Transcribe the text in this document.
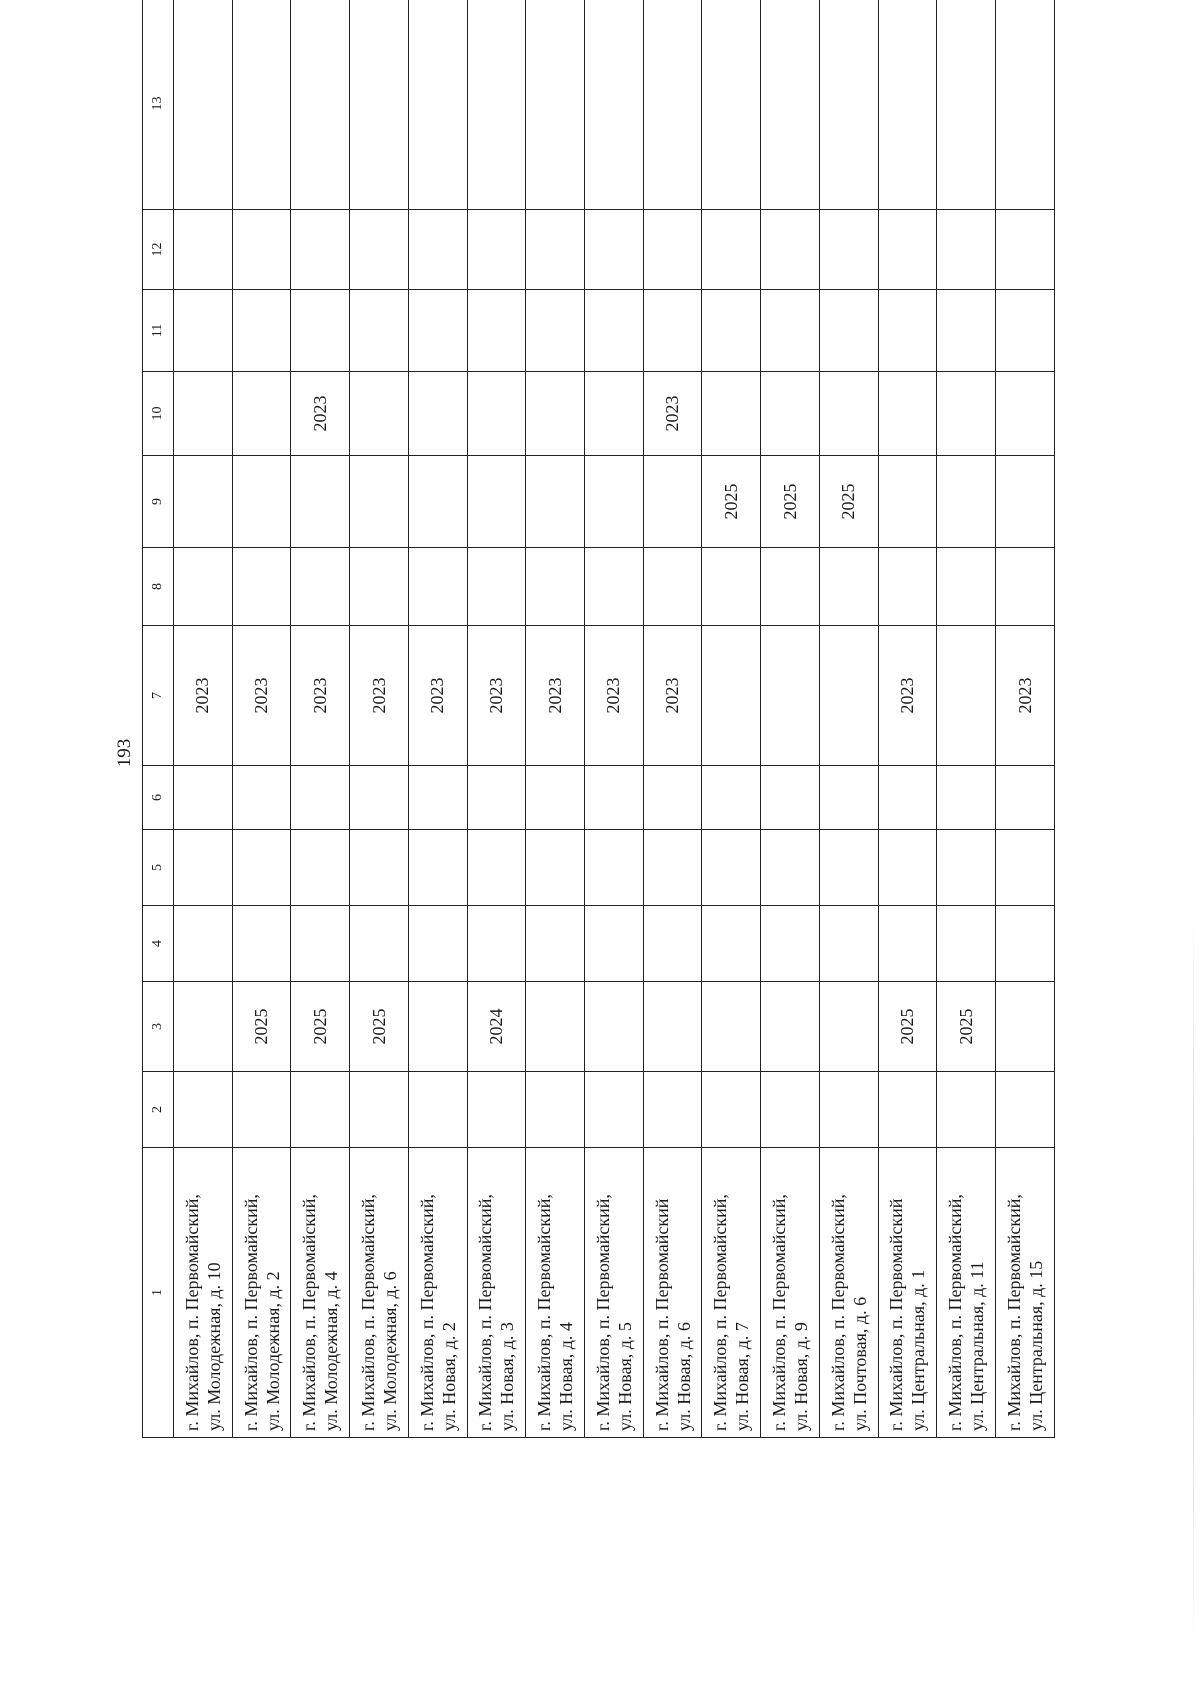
193
1	2	3	4	5	6	7	8	9	10	11	12	13

г. Михайлов, п. Первомайский, ул. Молодежная, д. 10						2023						

г. Михайлов, п. Первомайский, ул. Молодежная, д. 2		2025				2023						

г. Михайлов, п. Первомайский, ул. Молодежная, д. 4		2025				2023			2023			

г. Михайлов, п. Первомайский, ул. Молодежная, д. 6		2025				2023						

г. Михайлов, п. Первомайский, ул. Новая, д. 2						2023						

г. Михайлов, п. Первомайский, ул. Новая, д. 3		2024				2023						

г. Михайлов, п. Первомайский, ул. Новая, д. 4						2023						

г. Михайлов, п. Первомайский, ул. Новая, д. 5						2023						

г. Михайлов, п. Первомайский ул. Новая, д. 6						2023			2023			

г. Михайлов, п. Первомайский, ул. Новая, д. 7								2025				

г. Михайлов, п. Первомайский, ул. Новая, д. 9								2025				

г. Михайлов, п. Первомайский, ул. Почтовая, д. 6								2025				

г. Михайлов, п. Первомайский ул. Центральная, д. 1		2025				2023						

г. Михайлов, п. Первомайский, ул. Центральная, д. 11		2025										

г. Михайлов, п. Первомайский, ул. Центральная, д. 15						2023						
